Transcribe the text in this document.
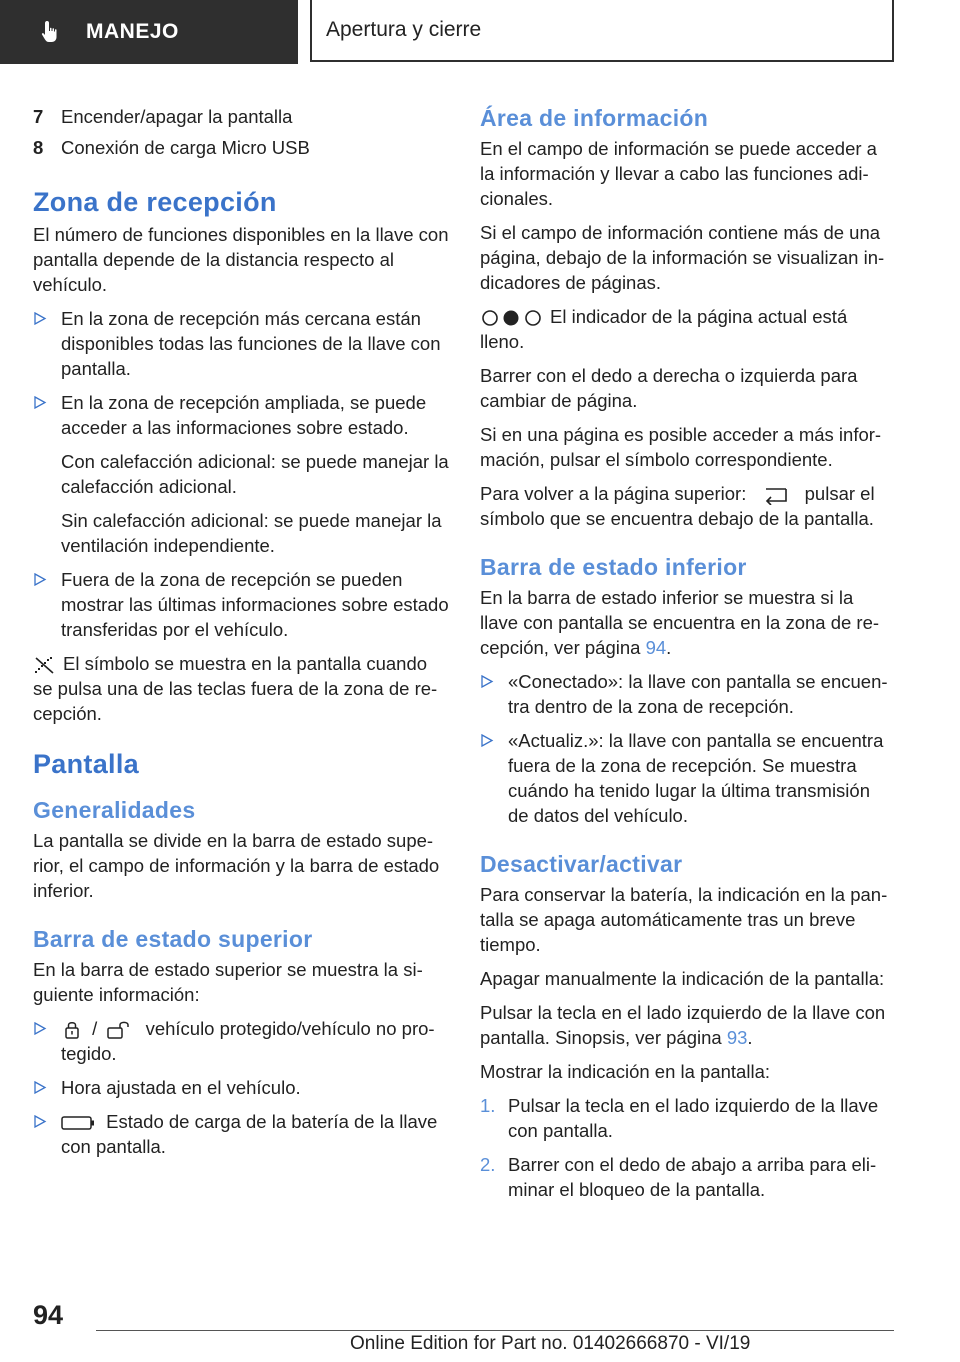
MANEJO	Apertura y cierre
7 Encender/apagar la pantalla
8 Conexión de carga Micro USB
Zona de recepción

El número de funciones disponibles en la llave con pantalla depende de la distancia respecto al vehículo.

En la zona de recepción más cercana están disponibles todas las funciones de la llave con pantalla.
En la zona de recepción ampliada, se puede acceder a las informaciones sobre estado.
Con calefacción adicional: se puede manejar la calefacción adicional.
Sin calefacción adicional: se puede manejar la ventilación independiente.
Fuera de la zona de recepción se pueden mostrar las últimas informaciones sobre estado transferidas por el vehículo.

El símbolo se muestra en la pantalla cuando se pulsa una de las teclas fuera de la zona de recepción.

Pantalla
Generalidades

La pantalla se divide en la barra de estado superior, el campo de información y la barra de estado inferior.

Barra de estado superior

En la barra de estado superior se muestra la siguiente información:

/	vehículo protegido/vehículo no protegido.
Hora ajustada en el vehículo.
Estado de carga de la batería de la llave con pantalla.
Área de información

En el campo de información se puede acceder a la información y llevar a cabo las funciones adicionales.

Si el campo de información contiene más de una página, debajo de la información se visualizan indicadores de páginas.

El indicador de la página actual está lleno.

Barrer con el dedo a derecha o izquierda para cambiar de página.

Si en una página es posible acceder a más información, pulsar el símbolo correspondiente.

Para volver a la página superior:	pulsar el símbolo que se encuentra debajo de la pantalla.

Barra de estado inferior

En la barra de estado inferior se muestra si la llave con pantalla se encuentra en la zona de recepción, ver página 94.

«Conectado»: la llave con pantalla se encuentra dentro de la zona de recepción.
«Actualiz.»: la llave con pantalla se encuentra fuera de la zona de recepción. Se muestra cuándo ha tenido lugar la última transmisión de datos del vehículo.
Desactivar/activar

Para conservar la batería, la indicación en la pantalla se apaga automáticamente tras un breve tiempo.

Apagar manualmente la indicación de la pantalla:

Pulsar la tecla en el lado izquierdo de la llave con pantalla. Sinopsis, ver página 93.

Mostrar la indicación en la pantalla:

1. Pulsar la tecla en el lado izquierdo de la llave con pantalla.
2. Barrer con el dedo de abajo a arriba para eliminar el bloqueo de la pantalla.
94
Online Edition for Part no. 01402666870 - VI/19
